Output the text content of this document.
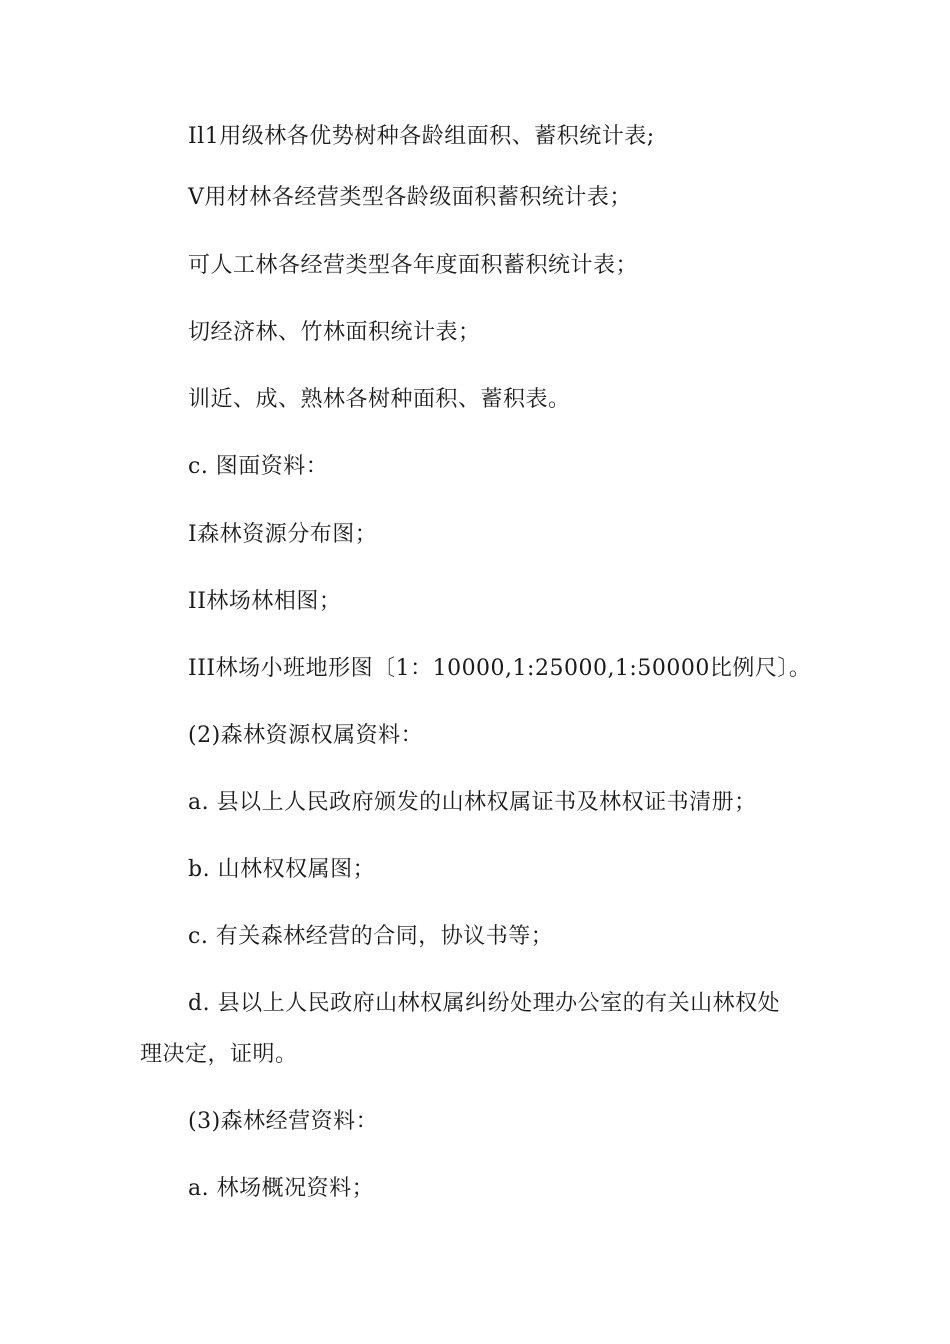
Il1用级林各优势树种各龄组面积、蓄积统计表;
V用材林各经营类型各龄级面积蓄积统计表；
可人工林各经营类型各年度面积蓄积统计表；
切经济林、竹林面积统计表；
训近、成、熟林各树种面积、蓄积表。
c. 图面资料：
I森林资源分布图；
II林场林相图；
III林场小班地形图〔1：10000,1:25000,1:50000比例尺〕。
(2)森林资源权属资料：
a. 县以上人民政府颁发的山林权属证书及林权证书清册；
b. 山林权权属图；
c. 有关森林经营的合同，协议书等；
d. 县以上人民政府山林权属纠纷处理办公室的有关山林权处
理决定，证明。
(3)森林经营资料：
a. 林场概况资料；
